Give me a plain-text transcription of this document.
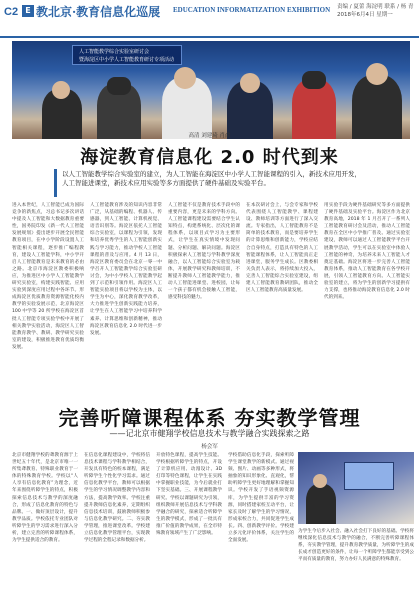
C2 E 教北京·教育信息化巡展 EDUCATION INFORMATIZATION EXHIBITION 责编 / 夏蕾 海淀明 联系 / 杨 青 2018年6月4日 星期一
人工智能教学综合实验室研讨会
暨海淀区中小学人工智能教育研讨专项活动
高清 刘建琦 肖俞
海淀教育信息化 2.0 时代到来
以人工智能教学综合实验室的建立，为人工智能在海淀区中小学人工智能课程的引入，新技术应用开发，人工智能进课堂，新技术应用实验等多方面提供了硬件基础及实验平台。
进入本世纪，人工智能已成为国际竞争的新焦点，习总书记多次讲话中提及人工智能和大数据教育重要性，国务院印发《新一代人工智能发展规划》提出逐步开展全民智能教育项目，在中小学阶段设置人工智能相关课程，逐步推广编程教育，建设人工智能学科，中小学开启人工智能教育是未来教育的必由之路。北京市海淀区教委积极响应，为推进区中小学人工智能教学研究实验室，构建实践智能、应用实验到深度应用过程中各环节。形成海淀区优质教育资源智能化校内教学的实验发展示范，北京海淀区 100 中学等 20 所学校在海淀区首批人工智能专项实验学校中开展了相关教学实验活动，海淀区人工智能教育教学、教研、教学研究实验室的建设，积极推进教育优质均衡发展。
人工智能教育涉及的知识内容非常广泛，从基础的编程、机器人、传感器，到人工智能、计算机视觉、语音识别等。海淀区依托人工智能综合实验室，以课程为引领，发现和培养优秀学生的人工智能创新实践与学习能力，推动学校人工智能课程的普及与应用。4 月 13 日，海淀区教育委员会在北京一零一中学召开人工智能教学综合实验室研讨会，为中小学校人工智能教学起到了示范和引领作用。海淀区人工智能实验项目将以学校为主体，以学生为中心，深化教育教学改革，大力推进学生创新实践能力培养，让学生在人工智能学习中培养科学素养、计算思维和创新精神，推动海淀区教育信息化 2.0 时代进一步发展。
人工智能不仅是教育技术手段中的重要内容，更是未来的学科方向。人工智能课程建设需要结合学生认知特点，构建系统化、层次化的课程体系，以项目式学习为主要形式，让学生在真实情境中发现问题、分析问题、解决问题。海淀区积极探索人工智能与学科教学深度融合，以人工智能综合实验室为载体，开展教学研究和教师培训，不断提升教师人工智能教学能力，推动人工智能进课堂、进校园，让每一个孩子都有机会接触人工智能，感受科技的魅力。
在本次研讨会上，与会专家和学校代表围绕人工智能教学、课程建设、教师培训等方面进行了深入交流。专家指出，人工智能教育不是简单的技术教育，而是要培养学生的计算思维和创新能力，学校应结合自身特点，打造具有特色的人工智能课程体系，让人工智能真正走进课堂，服务学生成长。区教委相关负责人表示，将持续加大投入，完善人工智能综合实验室建设，组建人工智能教育教研团队，推动全区人工智能教育高质量发展。
用实验手段为硬件基础研究等多方面提供了硬件基础及实验平台。海淀区作为北京教育高地，2018 年 1 月召开了一系列人工智能教育研讨会及活动，推动人工智能教育在全区中小学推广普及。通过实验室建设，教师可以通过人工智能教学平台开展教学活动，学生可以在实验室中体验人工智能的神奇，为培养未来人工智能人才奠定基础。海淀区将进一步完善人工智能教育体系，推动人工智能教育在各学校开展，引领人工智能教育方向。人工智能实验室的建立，将为学生的创新学习提供有力支撑，也将推动海淀教育信息化 2.0 时代的到来。
完善听障课程体系 夯实教学管理
——记北京市健翔学校信息技术与教学融合实践探索之路
杨会军
北京市健翔学校的聋教育源于上世纪五十年代，是北京市唯一一所集聋教育、特殊职业教育于一体的特殊教育学校。学校以“人人享有信息化教育”为理念，近年来围绕听障学生的特点，积极探索信息技术与教学的深度融合，形成了信息化教育的特色与品牌。一、做好顶层设计，提升教学品质。学校依托专业团队对听障学生的学习需求进行深入分析，建立完善的听障课程体系，为学生提供适合的教育。
在信息化课程建设中，学校将信息技术课程与学科教学相结合，开发具有特色的校本课程，满足听障学生个性化学习需求。通过信息化教学平台，教师可以根据学生的学习情况调整教学内容和方法，提高教学效率。学校注重提升教师信息化素养，定期组织信息技术培训，鼓励教师积极参与信息化教学研究。二、夯实教学管理，推进课堂改革。学校建立信息化教学管理平台，实现教学过程的全程记录和数据分析。
开放特色课程，提高学生技能。学校根据听障学生的特点，开设了计算机应用、动漫设计、3D 打印等特色课程，让学生在实践中掌握职业技能，为今后就业打下坚实基础。三、开展课程教学研究。学校以课题研究为引领，组织教师开展信息技术与学科教学融合的研究，探索适合听障学生的教学模式，形成了一批具有推广价值的教学成果，在全市特殊教育领域产生了广泛影响。
学校借助信息化手段，探索听障学生课堂教学的新模式。通过视频、图片、动画等多种形式，将抽象的知识形象化、直观化，帮助听障学生更好地理解和掌握知识。学校开发了手语视频资源库，为学生提供丰富的学习资源，同时搭建家校互动平台，让家长及时了解学生的学习情况，形成家校合力，共同促进学生成长。四、创新教学评价。学校建立多元化评价体系，关注学生的全面发展。
为学生今后步入社会、融入社会打下良好的基础。学校将继续深化信息技术与教学的融合，不断完善听障课程体系，夯实教学管理，提升教育教学质量，为听障学生的成长成才创造更好的条件，让每一个听障学生都能享受到公平而有质量的教育，努力办好人民满意的特殊教育。
